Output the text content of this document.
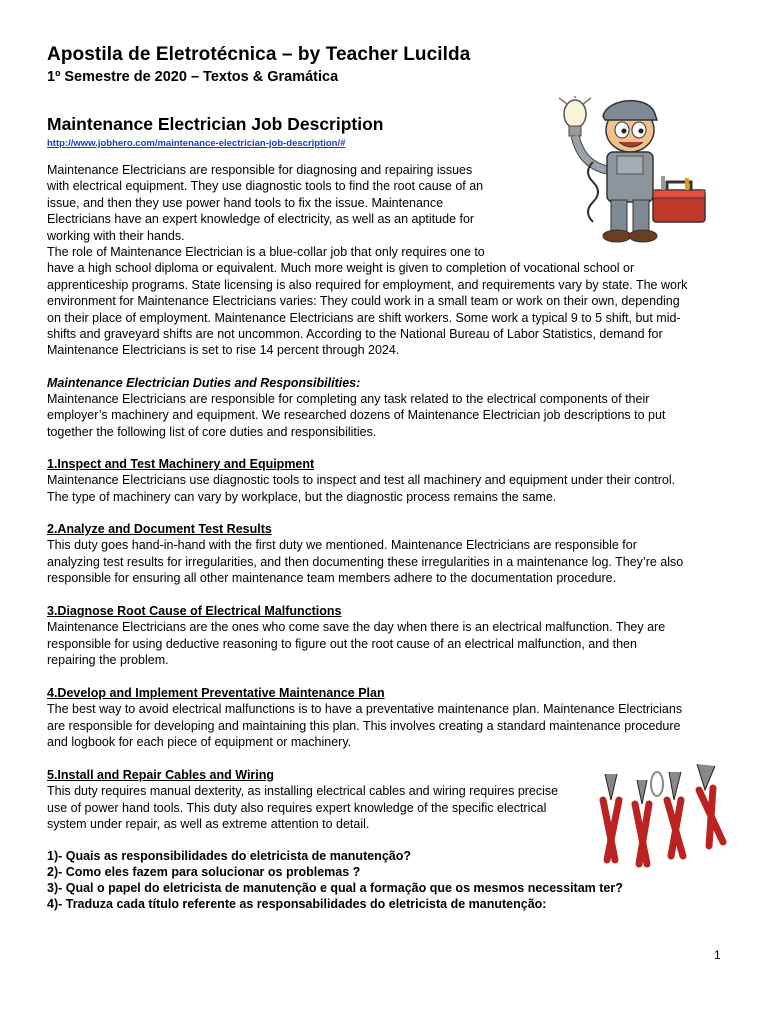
Apostila de Eletrotécnica – by Teacher Lucilda
1º Semestre de 2020 – Textos & Gramática
Maintenance Electrician Job Description
http://www.jobhero.com/maintenance-electrician-job-description/#

Maintenance Electricians are responsible for diagnosing and repairing issues
with electrical equipment. They use diagnostic tools to find the root cause of an
issue, and then they use power hand tools to fix the issue. Maintenance
Electricians have an expert knowledge of electricity, as well as an aptitude for
working with their hands.

The role of Maintenance Electrician is a blue-collar job that only requires one to
have a high school diploma or equivalent. Much more weight is given to completion of vocational school or
apprenticeship programs. State licensing is also required for employment, and requirements vary by state. The work
environment for Maintenance Electricians varies: They could work in a small team or work on their own, depending
on their place of employment. Maintenance Electricians are shift workers. Some work a typical 9 to 5 shift, but mid-
shifts and graveyard shifts are not uncommon. According to the National Bureau of Labor Statistics, demand for
Maintenance Electricians is set to rise 14 percent through 2024.

Maintenance Electrician Duties and Responsibilities:

Maintenance Electricians are responsible for completing any task related to the electrical components of their
employer’s machinery and equipment. We researched dozens of Maintenance Electrician job descriptions to put
together the following list of core duties and responsibilities.

1.Inspect and Test Machinery and Equipment
Maintenance Electricians use diagnostic tools to inspect and test all machinery and equipment under their control.
The type of machinery can vary by workplace, but the diagnostic process remains the same.

2.Analyze and Document Test Results
This duty goes hand-in-hand with the first duty we mentioned. Maintenance Electricians are responsible for
analyzing test results for irregularities, and then documenting these irregularities in a maintenance log. They’re also
responsible for ensuring all other maintenance team members adhere to the documentation procedure.

3.Diagnose Root Cause of Electrical Malfunctions
Maintenance Electricians are the ones who come save the day when there is an electrical malfunction. They are
responsible for using deductive reasoning to figure out the root cause of an electrical malfunction, and then
repairing the problem.

4.Develop and Implement Preventative Maintenance Plan
The best way to avoid electrical malfunctions is to have a preventative maintenance plan. Maintenance Electricians
are responsible for developing and maintaining this plan. This involves creating a standard maintenance procedure
and logbook for each piece of equipment or machinery.

5.Install and Repair Cables and Wiring
This duty requires manual dexterity, as installing electrical cables and wiring requires precise
use of power hand tools. This duty also requires expert knowledge of the specific electrical
system under repair, as well as extreme attention to detail.

1)- Quais as responsibilidades do eletricista de manutenção?
2)- Como eles fazem para solucionar os problemas ?
3)- Qual o papel do eletricista de manutenção e qual a formação que os mesmos necessitam ter?
4)- Traduza cada título referente as responsabilidades do eletricista de manutenção:
1
